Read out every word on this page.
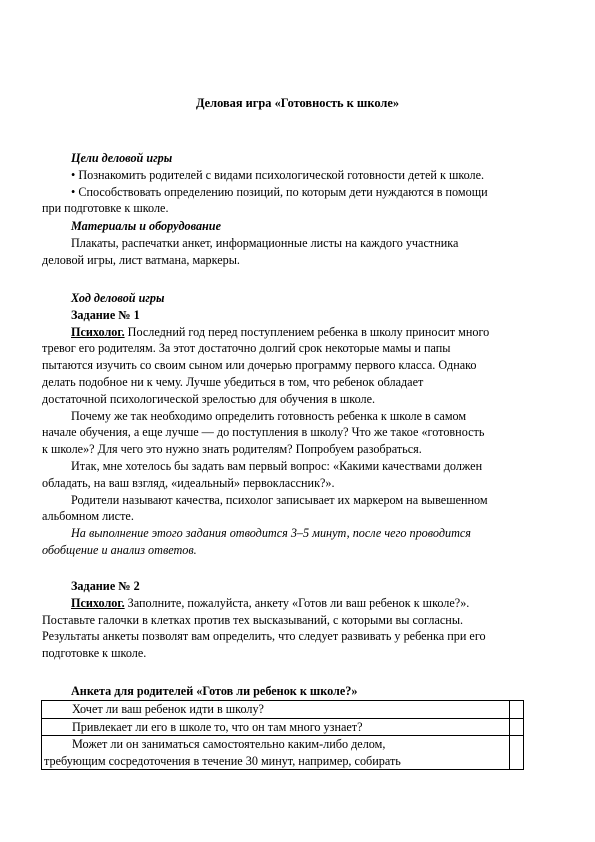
Деловая игра «Готовность к школе»
Цели деловой игры
• Познакомить родителей с видами психологической готовности детей к школе.
• Способствовать определению позиций, по которым дети нуждаются в помощи
при подготовке к школе.
Материалы и оборудование
Плакаты, распечатки анкет, информационные листы на каждого участника
деловой игры, лист ватмана, маркеры.
Ход деловой игры
Задание № 1
Психолог. Последний год перед поступлением ребенка в школу приносит много
тревог его родителям. За этот достаточно долгий срок некоторые мамы и папы
пытаются изучить со своим сыном или дочерью программу первого класса. Однако
делать подобное ни к чему. Лучше убедиться в том, что ребенок обладает
достаточной психологической зрелостью для обучения в школе.
Почему же так необходимо определить готовность ребенка к школе в самом
начале обучения, а еще лучше — до поступления в школу? Что же такое «готовность
к школе»? Для чего это нужно знать родителям? Попробуем разобраться.
Итак, мне хотелось бы задать вам первый вопрос: «Какими качествами должен
обладать, на ваш взгляд, «идеальный» первоклассник?».
Родители называют качества, психолог записывает их маркером на вывешенном
альбомном листе.
На выполнение этого задания отводится 3–5 минут, после чего проводится
обобщение и анализ ответов.
Задание № 2
Психолог. Заполните, пожалуйста, анкету «Готов ли ваш ребенок к школе?».
Поставьте галочки в клетках против тех высказываний, с которыми вы согласны.
Результаты анкеты позволят вам определить, что следует развивать у ребенка при его
подготовке к школе.
Анкета для родителей «Готов ли ребенок к школе?»
Хочет ли ваш ребенок идти в школу?	
Привлекает ли его в школе то, что он там много узнает?	

Может ли он заниматься самостоятельно каким-либо делом,
требующим сосредоточения в течение 30 минут, например, собирать	
